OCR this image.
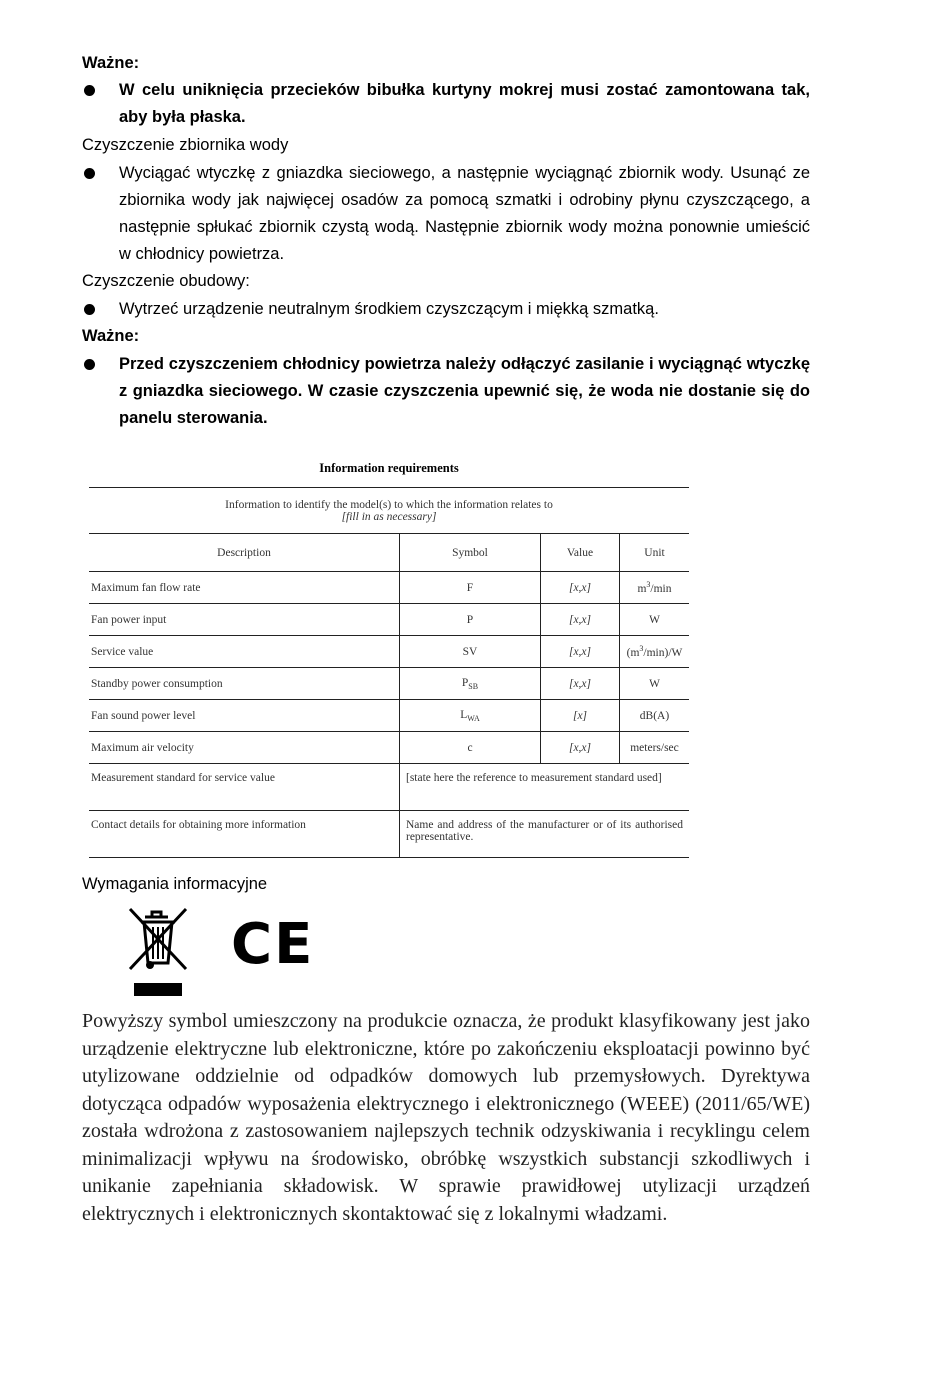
Ważne:
W celu uniknięcia przecieków bibułka kurtyny mokrej musi zostać zamontowana tak, aby była płaska.
Czyszczenie zbiornika wody
Wyciągać wtyczkę z gniazdka sieciowego, a następnie wyciągnąć zbiornik wody. Usunąć ze zbiornika wody jak najwięcej osadów za pomocą szmatki i odrobiny płynu czyszczącego, a następnie spłukać zbiornik czystą wodą. Następnie zbiornik wody można ponownie umieścić w chłodnicy powietrza.
Czyszczenie obudowy:
Wytrzeć urządzenie neutralnym środkiem czyszczącym i miękką szmatką.
Ważne:
Przed czyszczeniem chłodnicy powietrza należy odłączyć zasilanie i wyciągnąć wtyczkę z gniazdka sieciowego. W czasie czyszczenia upewnić się, że woda nie dostanie się do panelu sterowania.
Information requirements
Information to identify the model(s) to which the information relates to
[fill in as necessary]			

Description	Symbol	Value	Unit
Maximum fan flow rate	F	[x,x]	$m^3/\min$
Fan power input	P	[x,x]	W
Service value	SV	[x,x]	$(m^3/\min)/W$
Standby power consumption	$P_{SB}$	[x,x]	W
Fan sound power level	$L_{WA}$	[x]	dB(A)
Maximum air velocity	c	[x,x]	meters/sec
Measurement standard for service value	[state here the reference to measurement standard used]		
Contact details for obtaining more information	Name and address of the manufacturer or of its authorised representative.		
Wymagania informacyjne
CE
Powyższy symbol umieszczony na produkcie oznacza, że produkt klasyfikowany jest jako urządzenie elektryczne lub elektroniczne, które po zakończeniu eksploatacji powinno być utylizowane oddzielnie od odpadków domowych lub przemysłowych. Dyrektywa dotycząca odpadów wyposażenia elektrycznego i elektronicznego (WEEE) (2011/65/WE) została wdrożona z zastosowaniem najlepszych technik odzyskiwania i recyklingu celem minimalizacji wpływu na środowisko, obróbkę wszystkich substancji szkodliwych i unikanie zapełniania składowisk. W sprawie prawidłowej utylizacji urządzeń elektrycznych i elektronicznych skontaktować się z lokalnymi władzami.
